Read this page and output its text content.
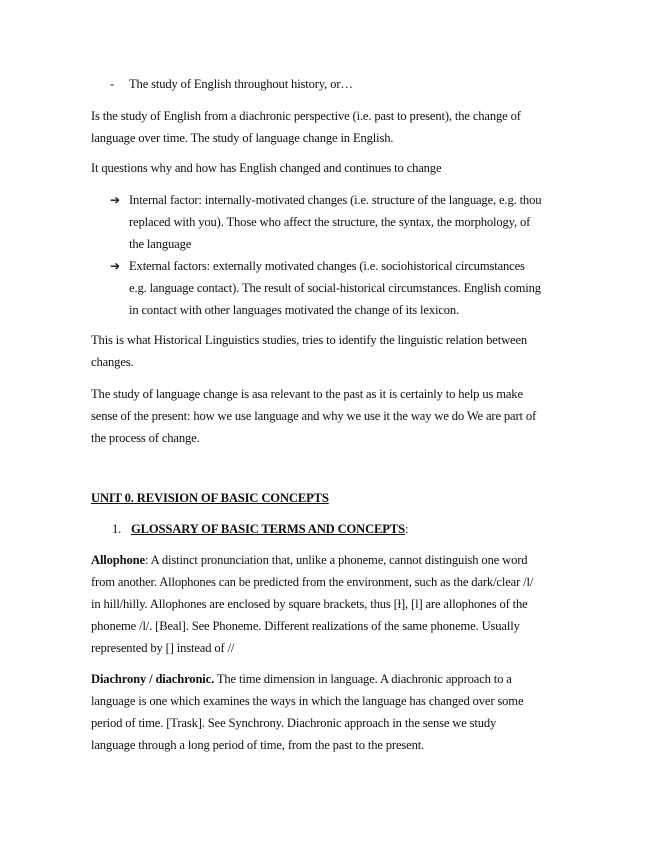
- The study of English throughout history, or…
Is the study of English from a diachronic perspective (i.e. past to present), the change of
language over time. The study of language change in English.
It questions why and how has English changed and continues to change
➔ Internal factor: internally-motivated changes (i.e. structure of the language, e.g. thou
replaced with you). Those who affect the structure, the syntax, the morphology, of
the language
➔ External factors: externally motivated changes (i.e. sociohistorical circumstances
e.g. language contact). The result of social-historical circumstances. English coming
in contact with other languages motivated the change of its lexicon.
This is what Historical Linguistics studies, tries to identify the linguistic relation between
changes.
The study of language change is asa relevant to the past as it is certainly to help us make
sense of the present: how we use language and why we use it the way we do We are part of
the process of change.
UNIT 0. REVISION OF BASIC CONCEPTS
1. GLOSSARY OF BASIC TERMS AND CONCEPTS:
Allophone: A distinct pronunciation that, unlike a phoneme, cannot distinguish one word
from another. Allophones can be predicted from the environment, such as the dark/clear /l/
in hill/hilly. Allophones are enclosed by square brackets, thus [ɫ], [l] are allophones of the
phoneme /l/. [Beal]. See Phoneme. Different realizations of the same phoneme. Usually
represented by [] instead of //
Diachrony / diachronic. The time dimension in language. A diachronic approach to a
language is one which examines the ways in which the language has changed over some
period of time. [Trask]. See Synchrony. Diachronic approach in the sense we study
language through a long period of time, from the past to the present.
